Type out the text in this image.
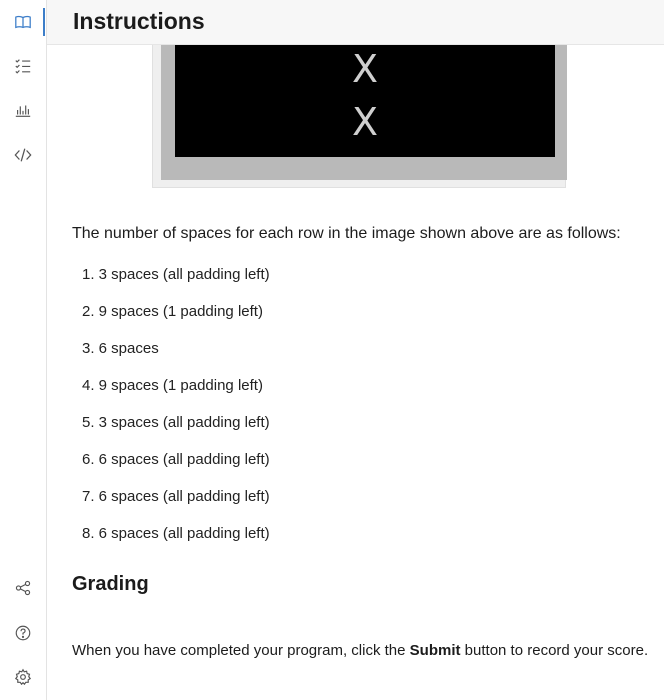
Instructions
X
X

The number of spaces for each row in the image shown above are as follows:

1. 3 spaces (all padding left)
2. 9 spaces (1 padding left)
3. 6 spaces
4. 9 spaces (1 padding left)
5. 3 spaces (all padding left)
6. 6 spaces (all padding left)
7. 6 spaces (all padding left)
8. 6 spaces (all padding left)
Grading

When you have completed your program, click the Submit button to record your score.
